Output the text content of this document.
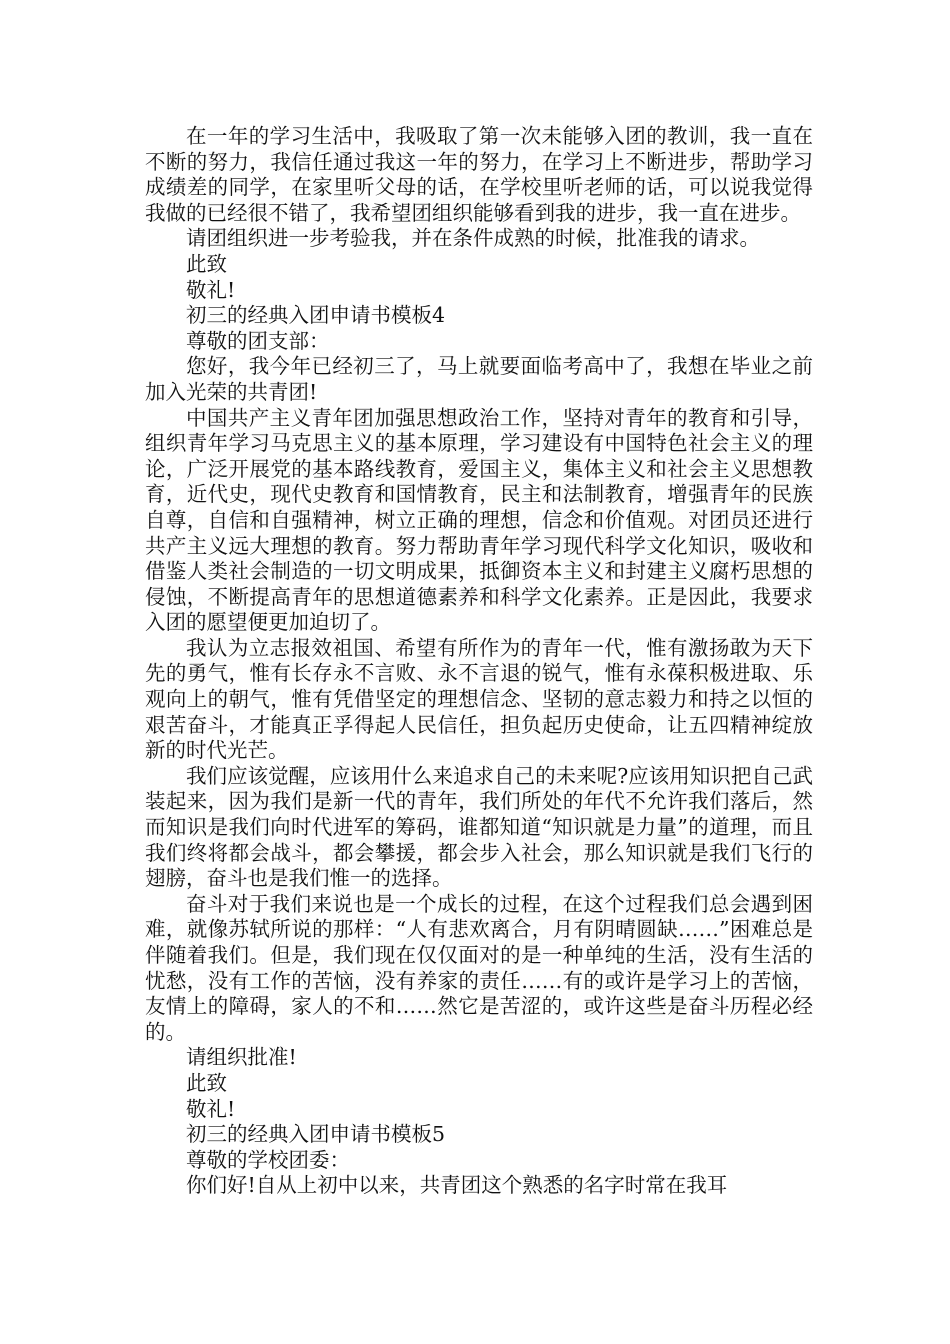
在一年的学习生活中，我吸取了第一次未能够入团的教训，我一直在不断的努力，我信任通过我这一年的努力，在学习上不断进步，帮助学习成绩差的同学，在家里听父母的话，在学校里听老师的话，可以说我觉得我做的已经很不错了，我希望团组织能够看到我的进步，我一直在进步。

请团组织进一步考验我，并在条件成熟的时候，批准我的请求。

此致

敬礼!

初三的经典入团申请书模板4

尊敬的团支部：

您好，我今年已经初三了，马上就要面临考高中了，我想在毕业之前加入光荣的共青团!

中国共产主义青年团加强思想政治工作，坚持对青年的教育和引导，组织青年学习马克思主义的基本原理，学习建设有中国特色社会主义的理论，广泛开展党的基本路线教育，爱国主义，集体主义和社会主义思想教育，近代史，现代史教育和国情教育，民主和法制教育，增强青年的民族自尊，自信和自强精神，树立正确的理想，信念和价值观。对团员还进行共产主义远大理想的教育。努力帮助青年学习现代科学文化知识，吸收和借鉴人类社会制造的一切文明成果，抵御资本主义和封建主义腐朽思想的侵蚀，不断提高青年的思想道德素养和科学文化素养。正是因此，我要求入团的愿望便更加迫切了。

我认为立志报效祖国、希望有所作为的青年一代，惟有激扬敢为天下先的勇气，惟有长存永不言败、永不言退的锐气，惟有永葆积极进取、乐观向上的朝气，惟有凭借坚定的理想信念、坚韧的意志毅力和持之以恒的艰苦奋斗，才能真正孚得起人民信任，担负起历史使命，让五四精神绽放新的时代光芒。

我们应该觉醒，应该用什么来追求自己的未来呢?应该用知识把自己武装起来，因为我们是新一代的青年，我们所处的年代不允许我们落后，然而知识是我们向时代进军的筹码，谁都知道“知识就是力量”的道理，而且我们终将都会战斗，都会攀援，都会步入社会，那么知识就是我们飞行的翅膀，奋斗也是我们惟一的选择。

奋斗对于我们来说也是一个成长的过程，在这个过程我们总会遇到困难，就像苏轼所说的那样：“人有悲欢离合，月有阴晴圆缺……”困难总是伴随着我们。但是，我们现在仅仅面对的是一种单纯的生活，没有生活的忧愁，没有工作的苦恼，没有养家的责任……有的或许是学习上的苦恼，友情上的障碍，家人的不和……然它是苦涩的，或许这些是奋斗历程必经的。

请组织批准!

此致

敬礼!

初三的经典入团申请书模板5

尊敬的学校团委：

你们好!自从上初中以来，共青团这个熟悉的名字时常在我耳
